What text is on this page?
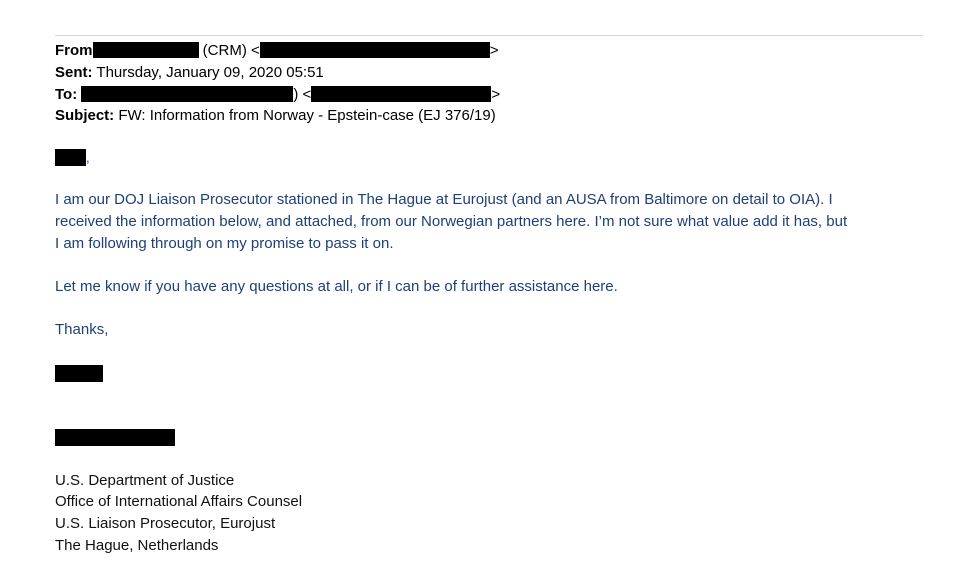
From	(CRM) <	>
Sent: Thursday, January 09, 2020 05:51
To:	) <	>
Subject: FW: Information from Norway - Epstein-case (EJ 376/19)
,
I am our DOJ Liaison Prosecutor stationed in The Hague at Eurojust (and an AUSA from Baltimore on detail to OIA). I
received the information below, and attached, from our Norwegian partners here. I’m not sure what value add it has, but
I am following through on my promise to pass it on.
Let me know if you have any questions at all, or if I can be of further assistance here.
Thanks,
U.S. Department of Justice
Office of International Affairs Counsel
U.S. Liaison Prosecutor, Eurojust
The Hague, Netherlands
